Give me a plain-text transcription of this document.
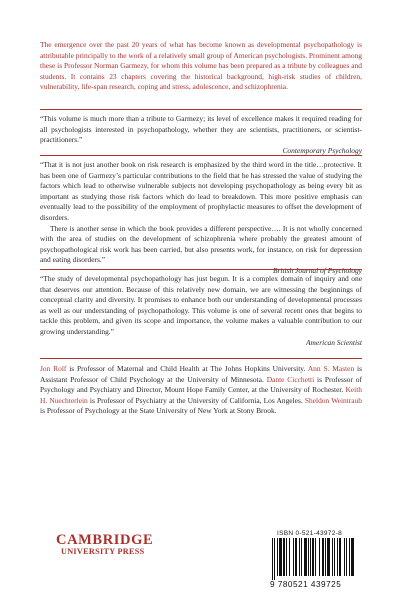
The emergence over the past 20 years of what has become known as developmental psychopathology is attributable principally to the work of a relatively small group of American psychologists. Prominent among these is Professor Norman Garmezy, for whom this volume has been prepared as a tribute by colleagues and students. It contains 23 chapters covering the historical background, high-risk studies of children, vulnerability, life-span research, coping and stress, adolescence, and schizophrenia.

“This volume is much more than a tribute to Garmezy; its level of excellence makes it required reading for all psychologists interested in psychopathology, whether they are scientists, practitioners, or scientist-practitioners.”

Contemporary Psychology

“That it is not just another book on risk research is emphasized by the third word in the title…protective. It has been one of Garmezy’s particular contributions to the field that he has stressed the value of studying the factors which lead to otherwise vulnerable subjects not developing psychopathology as being every bit as important as studying those risk factors which do lead to breakdown. This more positive emphasis can eventually lead to the possibility of the employment of prophylactic measures to offset the development of disorders.

There is another sense in which the book provides a different perspective…. It is not wholly concerned with the area of studies on the development of schizophrenia where probably the greatest amount of psychopathological risk work has been carried, but also presents work, for instance, on risk for depression and eating disorders.”

British Journal of Psychology

“The study of developmental psychopathology has just begun. It is a complex domain of inquiry and one that deserves our attention. Because of this relatively new domain, we are witnessing the beginnings of conceptual clarity and diversity. It promises to enhance both our understanding of developmental processes as well as our understanding of psychopathology. This volume is one of several recent ones that begins to tackle this problem, and given its scope and importance, the volume makes a valuable contribution to our growing understanding.”

American Scientist

Jon Rolf is Professor of Maternal and Child Health at The Johns Hopkins University. Ann S. Masten is Assistant Professor of Child Psychology at the University of Minnesota. Dante Cicchetti is Professor of Psychology and Psychiatry and Director, Mount Hope Family Center, at the University of Rochester. Keith H. Nuechterlein is Professor of Psychiatry at the University of California, Los Angeles. Sheldon Weintraub is Professor of Psychology at the State University of New York at Stony Brook.

CAMBRIDGE
UNIVERSITY PRESS
ISBN 0-521-43972-8
9 780521 439725
